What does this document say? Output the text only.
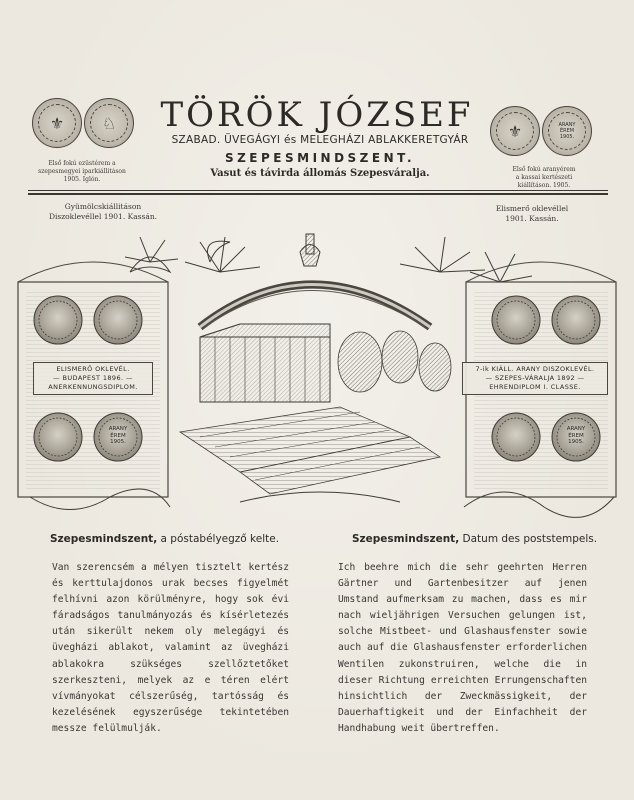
⚜ ♘
Első fokú ezüstérem a
szepesmegyei iparkiállitáson
1905. Iglón.
⚜	ARANY
ÉREM
1905.
Első fokú aranyérem
a kassai kertészeti
kiállításon. 1905.
TÖRÖK JÓZSEF
SZABAD. ÜVEGÁGYI és MELEGHÁZI ABLAKKERETGYÁR
SZEPESMINDSZENT.
Vasut és távirda állomás Szepesváralja.
Gyümölcskiállitáson
Diszoklevéllel 1901. Kassán.
Elismerő oklevéllel
1901. Kassán.
ELISMERŐ OKLEVÉL.
— BUDAPEST 1896. —
ANERKENNUNGSDIPLOM.
7-ik KIÁLL. ARANY DISZOKLEVÉL.
— SZEPES-VÁRALJA 1892 —
EHRENDIPLOM I. CLASSE.
ARANY
ÉREM
1905.
ARANY
ÉREM
1905.
Szepesmindszent, a póstabélyegző kelte.

Van szerencsém a mélyen tisztelt kertész és kerttulajdonos urak becses figyelmét felhívni azon körülményre, hogy sok évi fáradságos tanulmányozás és kísérletezés után sikerült nekem oly melegágyi és üvegházi ablakot, valamint az üvegházi ablakokra szükséges szellőztetőket szerkeszteni, melyek az e téren elért vívmányokat célszerűség, tartósság és kezelésének egyszerűsége tekintetében messze felülmulják.

Szepesmindszent, Datum des poststempels.

Ich beehre mich die sehr geehrten Herren Gärtner und Gartenbesitzer auf jenen Umstand aufmerksam zu machen, dass es mir nach wieljährigen Versuchen gelungen ist, solche Mistbeet- und Glashausfenster sowie auch auf die Glashausfenster erforderlichen Wentilen zukonstruiren, welche die in dieser Richtung erreichten Errungenschaften hinsichtlich der Zweckmässigkeit, der Dauerhaftigkeit und der Einfachheit der Handhabung weit übertreffen.
